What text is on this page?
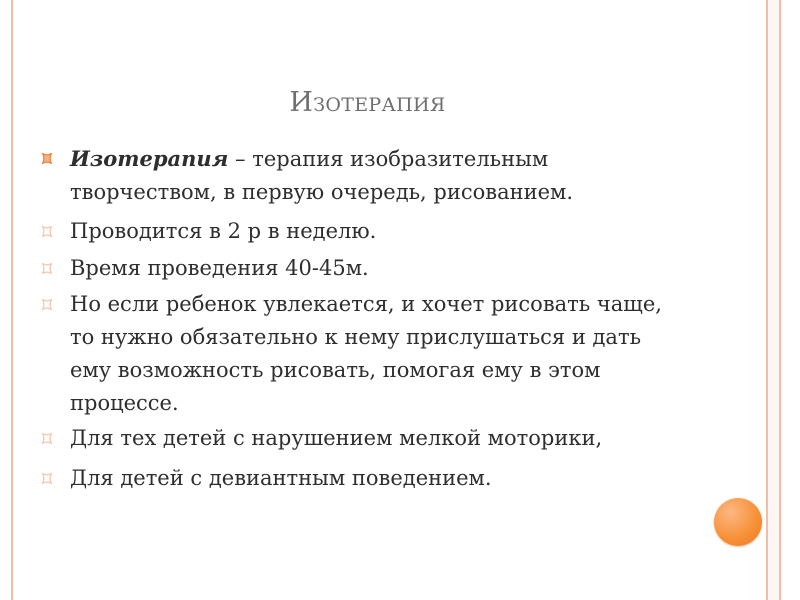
Изотерапия
Изотерапия – терапия изобразительным
творчеством, в первую очередь, рисованием.
Проводится в 2 р в неделю.
Время проведения 40-45м.
Но если ребенок увлекается, и хочет рисовать чаще,
то нужно обязательно к нему прислушаться и дать
ему возможность рисовать, помогая ему в этом
процессе.
Для тех детей с нарушением мелкой моторики,
Для детей с девиантным поведением.
